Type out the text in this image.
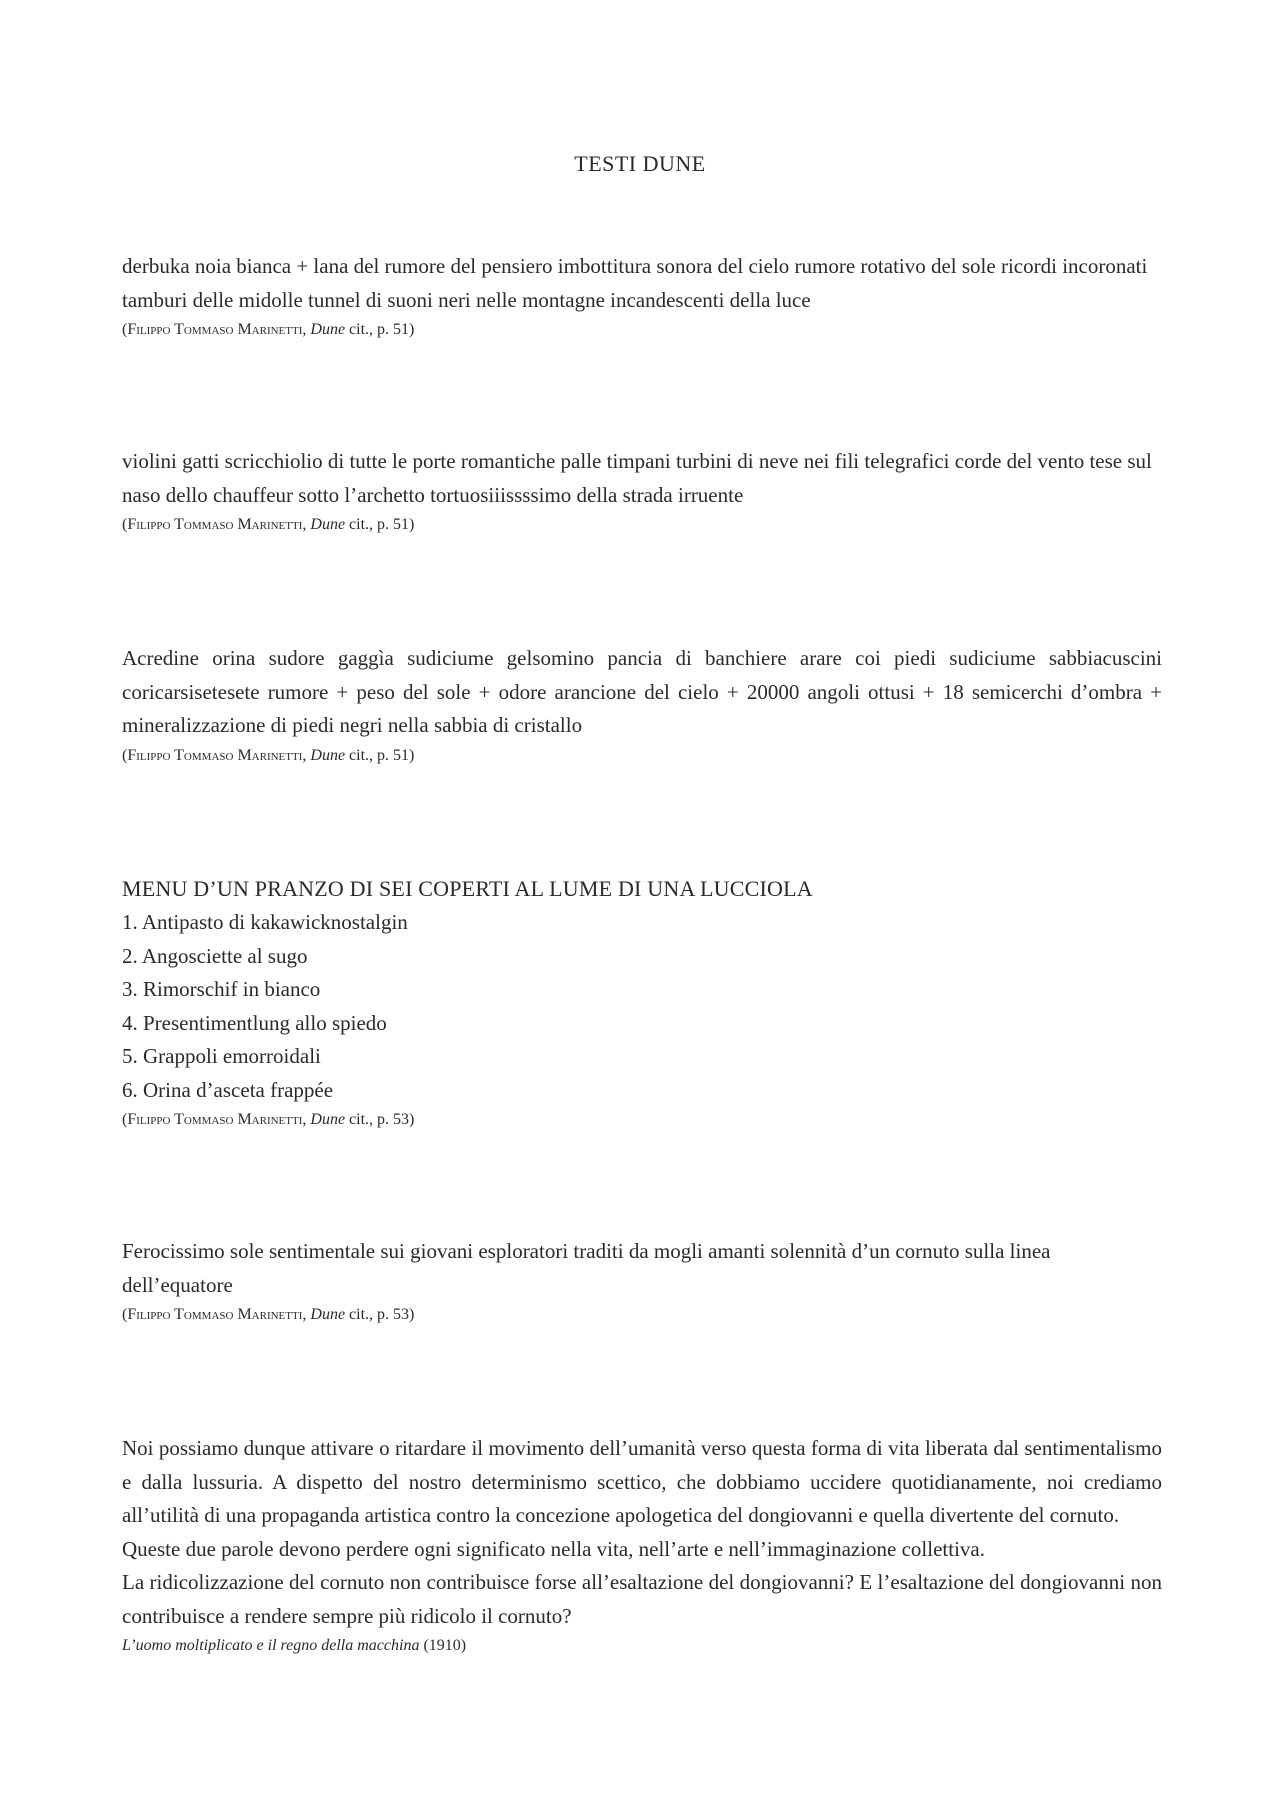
TESTI DUNE

derbuka noia bianca + lana del rumore del pensiero imbottitura sonora del cielo rumore rotativo del sole ricordi incoronati tamburi delle midolle tunnel di suoni neri nelle montagne incandescenti della luce

(Filippo Tommaso Marinetti, Dune cit., p. 51)

violini gatti scricchiolio di tutte le porte romantiche palle timpani turbini di neve nei fili telegrafici corde del vento tese sul naso dello chauffeur sotto l’archetto tortuosiiissssimo della strada irruente

(Filippo Tommaso Marinetti, Dune cit., p. 51)

Acredine orina sudore gaggìa sudiciume gelsomino pancia di banchiere arare coi piedi sudiciume sabbiacuscini coricarsisetesete rumore + peso del sole + odore arancione del cielo + 20000 angoli ottusi + 18 semicerchi d’ombra + mineralizzazione di piedi negri nella sabbia di cristallo

(Filippo Tommaso Marinetti, Dune cit., p. 51)

MENU D’UN PRANZO DI SEI COPERTI AL LUME DI UNA LUCCIOLA
1. Antipasto di kakawicknostalgin
2. Angosciette al sugo
3. Rimorschif in bianco
4. Presentimentlung allo spiedo
5. Grappoli emorroidali
6. Orina d’asceta frappée

(Filippo Tommaso Marinetti, Dune cit., p. 53)

Ferocissimo sole sentimentale sui giovani esploratori traditi da mogli amanti solennità d’un cornuto sulla linea dell’equatore

(Filippo Tommaso Marinetti, Dune cit., p. 53)

Noi possiamo dunque attivare o ritardare il movimento dell’umanità verso questa forma di vita liberata dal sentimentalismo e dalla lussuria. A dispetto del nostro determinismo scettico, che dobbiamo uccidere quotidianamente, noi crediamo all’utilità di una propaganda artistica contro la concezione apologetica del dongiovanni e quella divertente del cornuto.

Queste due parole devono perdere ogni significato nella vita, nell’arte e nell’immaginazione collettiva.

La ridicolizzazione del cornuto non contribuisce forse all’esaltazione del dongiovanni? E l’esaltazione del dongiovanni non contribuisce a rendere sempre più ridicolo il cornuto?

L’uomo moltiplicato e il regno della macchina (1910)
